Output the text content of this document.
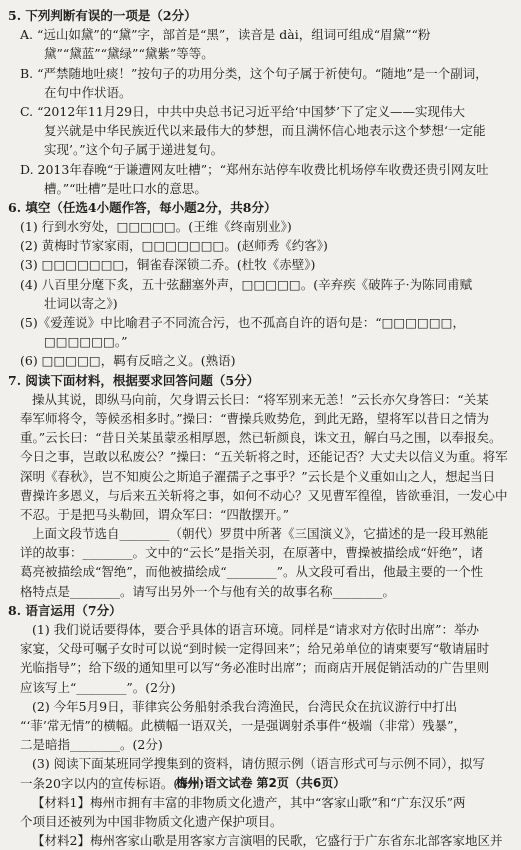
5. 下列判断有误的一项是（2分）
A. “远山如黛”的“黛”字，部首是“黑”，读音是 dài，组词可组成“眉黛”“粉
黛”“黛蓝”“黛绿”“黛紫”等等。
B. “严禁随地吐痰！”按句子的功用分类，这个句子属于祈使句。“随地”是一个副词，
在句中作状语。
C. “2012年11月29日，中共中央总书记习近平给‘中国梦’下了定义——实现伟大
复兴就是中华民族近代以来最伟大的梦想，而且满怀信心地表示这个梦想‘一定能
实现’。”这个句子属于递进复句。
D. 2013年春晚“于谦遭网友吐槽”；“郑州东站停车收费比机场停车收费还贵引网友吐
槽。”“吐槽”是吐口水的意思。
6. 填空（任选4小题作答，每小题2分，共8分）
(1) 行到水穷处，□□□□□。(王维《终南别业》)
(2) 黄梅时节家家雨，□□□□□□□。(赵师秀《约客》)
(3) □□□□□□□，铜雀春深锁二乔。(杜牧《赤壁》)
(4) 八百里分麾下炙，五十弦翻塞外声，□□□□□。(辛弃疾《破阵子·为陈同甫赋
壮词以寄之》)
(5)《爱莲说》中比喻君子不同流合污，也不孤高自许的语句是：“□□□□□□，
□□□□□□。”
(6) □□□□□，羁有反暗之义。(熟语)
7. 阅读下面材料，根据要求回答问题（5分）
操从其说，即纵马向前，欠身谓云长曰：“将军别来无恙！”云长亦欠身答曰：“关某
奉军师将令，等候丞相多时。”操曰：“曹操兵败势危，到此无路，望将军以昔日之情为
重。”云长曰：“昔日关某虽蒙丞相厚恩，然已斩颜良，诛文丑，解白马之围，以奉报矣。
今日之事，岂敢以私废公？”操曰：“五关斩将之时，还能记否？大丈夫以信义为重。将军
深明《春秋》，岂不知庾公之斯追子濯孺子之事乎？”云长是个义重如山之人，想起当日
曹操许多恩义，与后来五关斩将之事，如何不动心？又见曹军徨徨，皆欲垂泪，一发心中
不忍。于是把马头勒回，谓众军曰：“四散摆开。”
上面文段节选自________（朝代）罗贯中所著《三国演义》，它描述的是一段耳熟能
详的故事：________。文中的“云长”是指关羽，在原著中，曹操被描绘成“奸绝”，诸
葛亮被描绘成“智绝”，而他被描绘成“________”。从文段可看出，他最主要的一个性
格特点是________。请写出另外一个与他有关的故事名称________。
8. 语言运用（7分）
(1) 我们说话要得体，要合乎具体的语言环境。同样是“请求对方依时出席”：举办
家宴，父母可嘱子女时可以说“到时候一定得回来”；给兄弟单位的请柬要写“敬请届时
光临指导”；给下级的通知里可以写“务必准时出席”；而商店开展促销活动的广告里则
应该写上“________”。(2分)
(2) 今年5月9日，菲律宾公务船射杀我台湾渔民，台湾民众在抗议游行中打出
“‘菲’常无情”的横幅。此横幅一语双关，一是强调射杀事件“极端（非常）残暴”，
二是暗指________。(2分)
(3) 阅读下面某班同学搜集到的资料，请仿照示例（语言形式可与示例不同），拟写
一条20字以内的宣传标语。(3分)
【材料1】梅州市拥有丰富的非物质文化遗产，其中“客家山歌”和“广东汉乐”两
个项目还被列为中国非物质文化遗产保护项目。
【材料2】梅州客家山歌是用客家方言演唱的民歌，它盛行于广东省东北部客家地区并
梅州·语文试卷 第2页（共6页）
